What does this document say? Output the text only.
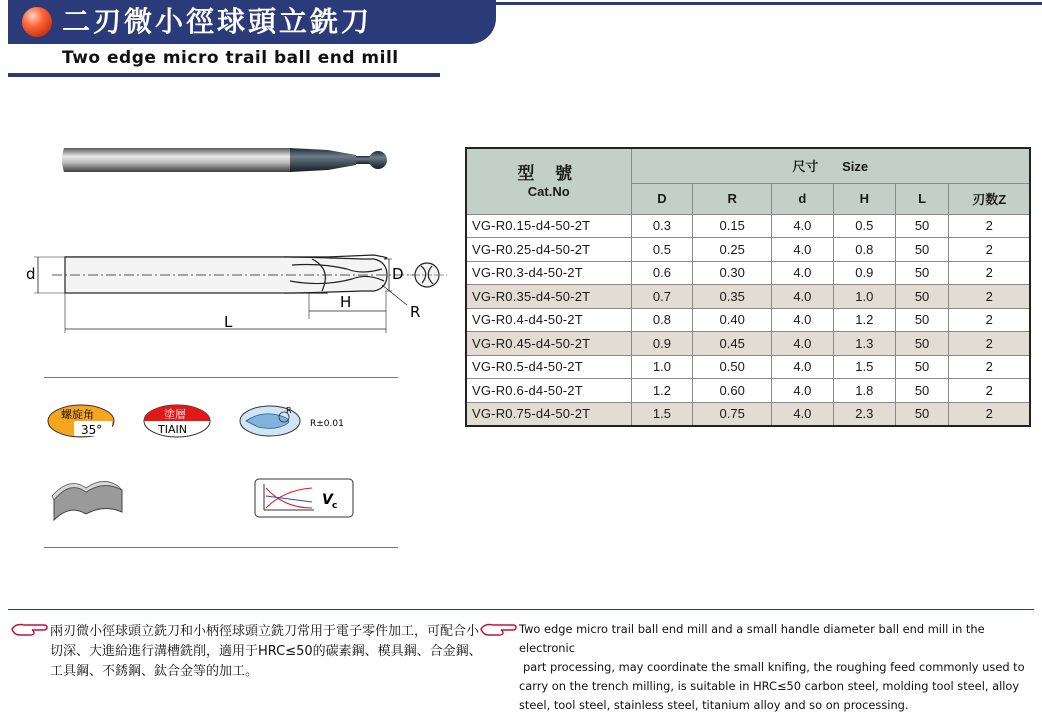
二刃微小徑球頭立銑刀
Two edge micro trail ball end mill
d	D
H
L
R
螺旋角
35°
塗層
TIAIN
R
R±0.01
V c
型 號
Cat.No	尺寸 Size					
	D	R	d	H	L	刃数Z
VG-R0.15-d4-50-2T	0.3	0.15	4.0	0.5	50	2
VG-R0.25-d4-50-2T	0.5	0.25	4.0	0.8	50	2
VG-R0.3-d4-50-2T	0.6	0.30	4.0	0.9	50	2
VG-R0.35-d4-50-2T	0.7	0.35	4.0	1.0	50	2
VG-R0.4-d4-50-2T	0.8	0.40	4.0	1.2	50	2
VG-R0.45-d4-50-2T	0.9	0.45	4.0	1.3	50	2
VG-R0.5-d4-50-2T	1.0	0.50	4.0	1.5	50	2
VG-R0.6-d4-50-2T	1.2	0.60	4.0	1.8	50	2
VG-R0.75-d4-50-2T	1.5	0.75	4.0	2.3	50	2
兩刃微小徑球頭立銑刀和小柄徑球頭立銑刀常用于電子零件加工，可配合小切深、大進給進行溝槽銑削，適用于HRC≤50的碳素鋼、模具鋼、合金鋼、工具鋼、不銹鋼、鈦合金等的加工。
Two edge micro trail ball end mill and a small handle diameter ball end mill in the electronic
part processing, may coordinate the small knifing, the roughing feed commonly used to
carry on the trench milling, is suitable in HRC≤50 carbon steel, molding tool steel, alloy
steel, tool steel, stainless steel, titanium alloy and so on processing.
